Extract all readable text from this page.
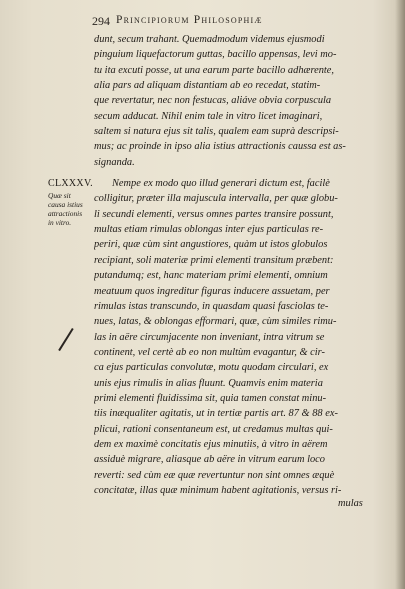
294 Principiorum Philosophiæ
CLXXXV.
Quæ sit
causa istius
attractionis
in vitro.
dunt, secum trahant. Quemadmodum videmus ejusmodi
pinguium liquefactorum guttas, bacillo appensas, levi mo-
tu ita excuti posse, ut una earum parte bacillo adhærente,
alia pars ad aliquam distantiam ab eo recedat, statim-
que revertatur, nec non festucas, aliáve obvia corpuscula
secum adducat. Nihil enim tale in vitro licet imaginari,
saltem si natura ejus sit talis, qualem eam suprà descripsi-
mus; ac proinde in ipso alia istius attractionis caussa est as-
signanda.
Nempe ex modo quo illud generari dictum est, facilè
colligitur, præter illa majuscula intervalla, per quæ globu-
li secundi elementi, versus omnes partes transire possunt,
multas etiam rimulas oblongas inter ejus particulas re-
periri, quæ cùm sint angustiores, quàm ut istos globulos
recipiant, soli materiæ primi elementi transitum præbent:
putandumq; est, hanc materiam primi elementi, omnium
meatuum quos ingreditur figuras inducere assuetam, per
rimulas istas transcundo, in quasdam quasi fasciolas te-
nues, latas, & oblongas efformari, quæ, cùm similes rimu-
las in aëre circumjacente non inveniant, intra vitrum se
continent, vel certè ab eo non multùm evagantur, & cir-
ca ejus particulas convolutæ, motu quodam circulari, ex
unis ejus rimulis in alias fluunt. Quamvis enim materia
primi elementi fluidissima sit, quia tamen constat minu-
tiis inæqualiter agitatis, ut in tertiæ partis art. 87 & 88 ex-
plicui, rationi consentaneum est, ut credamus multas qui-
dem ex maximè concitatis ejus minutiis, à vitro in aërem
assiduè migrare, aliasque ab aëre in vitrum earum loco
reverti: sed cùm eæ quæ revertuntur non sint omnes æquè
concitatæ, illas quæ minimum habent agitationis, versus ri-
mulas
